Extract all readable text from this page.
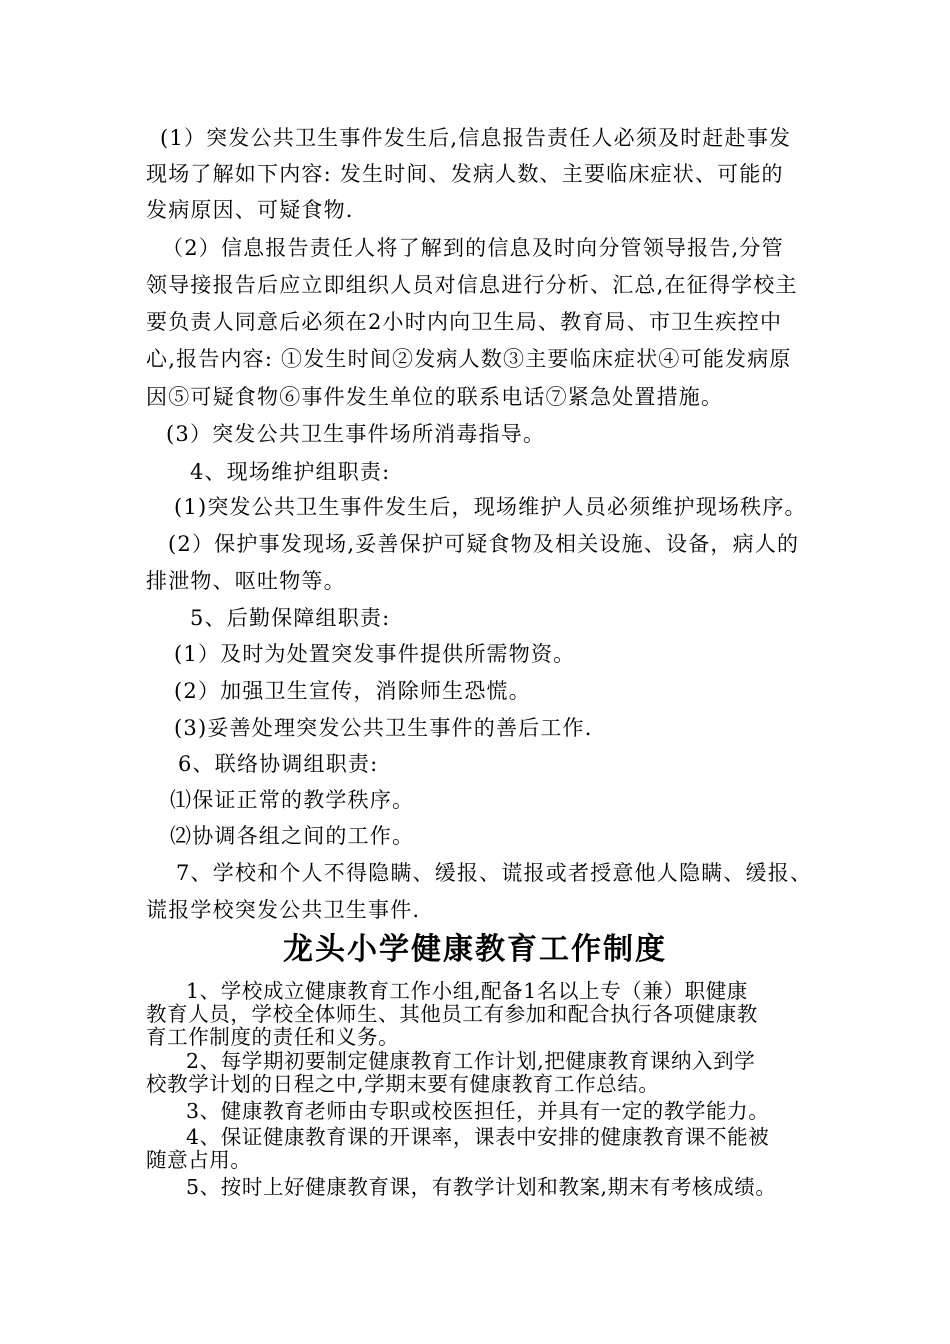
(1）突发公共卫生事件发生后,信息报告责任人必须及时赶赴事发

现场了解如下内容: 发生时间、发病人数、主要临床症状、可能的

发病原因、可疑食物.

（2）信息报告责任人将了解到的信息及时向分管领导报告,分管

领导接报告后应立即组织人员对信息进行分析、汇总,在征得学校主

要负责人同意后必须在2小时内向卫生局、教育局、市卫生疾控中

心,报告内容: ①发生时间②发病人数③主要临床症状④可能发病原

因⑤可疑食物⑥事件发生单位的联系电话⑦紧急处置措施。

(3）突发公共卫生事件场所消毒指导。

4、现场维护组职责:

(1)突发公共卫生事件发生后，现场维护人员必须维护现场秩序。

(2）保护事发现场,妥善保护可疑食物及相关设施、设备，病人的

排泄物、呕吐物等。

5、后勤保障组职责:

(1）及时为处置突发事件提供所需物资。

(2）加强卫生宣传，消除师生恐慌。

(3)妥善处理突发公共卫生事件的善后工作.

6、联络协调组职责:

⑴保证正常的教学秩序。

⑵协调各组之间的工作。

7、学校和个人不得隐瞒、缓报、谎报或者授意他人隐瞒、缓报、

谎报学校突发公共卫生事件.

龙头小学健康教育工作制度

1、学校成立健康教育工作小组,配备1名以上专（兼）职健康

教育人员，学校全体师生、其他员工有参加和配合执行各项健康教

育工作制度的责任和义务。

2、每学期初要制定健康教育工作计划,把健康教育课纳入到学

校教学计划的日程之中,学期末要有健康教育工作总结。

3、健康教育老师由专职或校医担任，并具有一定的教学能力。

4、保证健康教育课的开课率，课表中安排的健康教育课不能被

随意占用。

5、按时上好健康教育课，有教学计划和教案,期末有考核成绩。
